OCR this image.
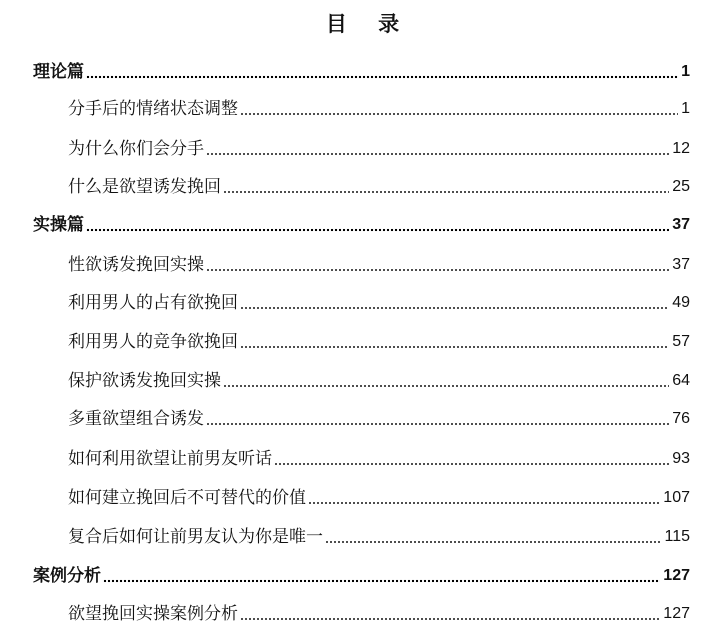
目 录
理论篇	1
分手后的情绪状态调整	1
为什么你们会分手	12
什么是欲望诱发挽回	25
实操篇	37
性欲诱发挽回实操	37
利用男人的占有欲挽回	49
利用男人的竞争欲挽回	57
保护欲诱发挽回实操	64
多重欲望组合诱发	76
如何利用欲望让前男友听话	93
如何建立挽回后不可替代的价值	107
复合后如何让前男友认为你是唯一	115
案例分析	127
欲望挽回实操案例分析	127
